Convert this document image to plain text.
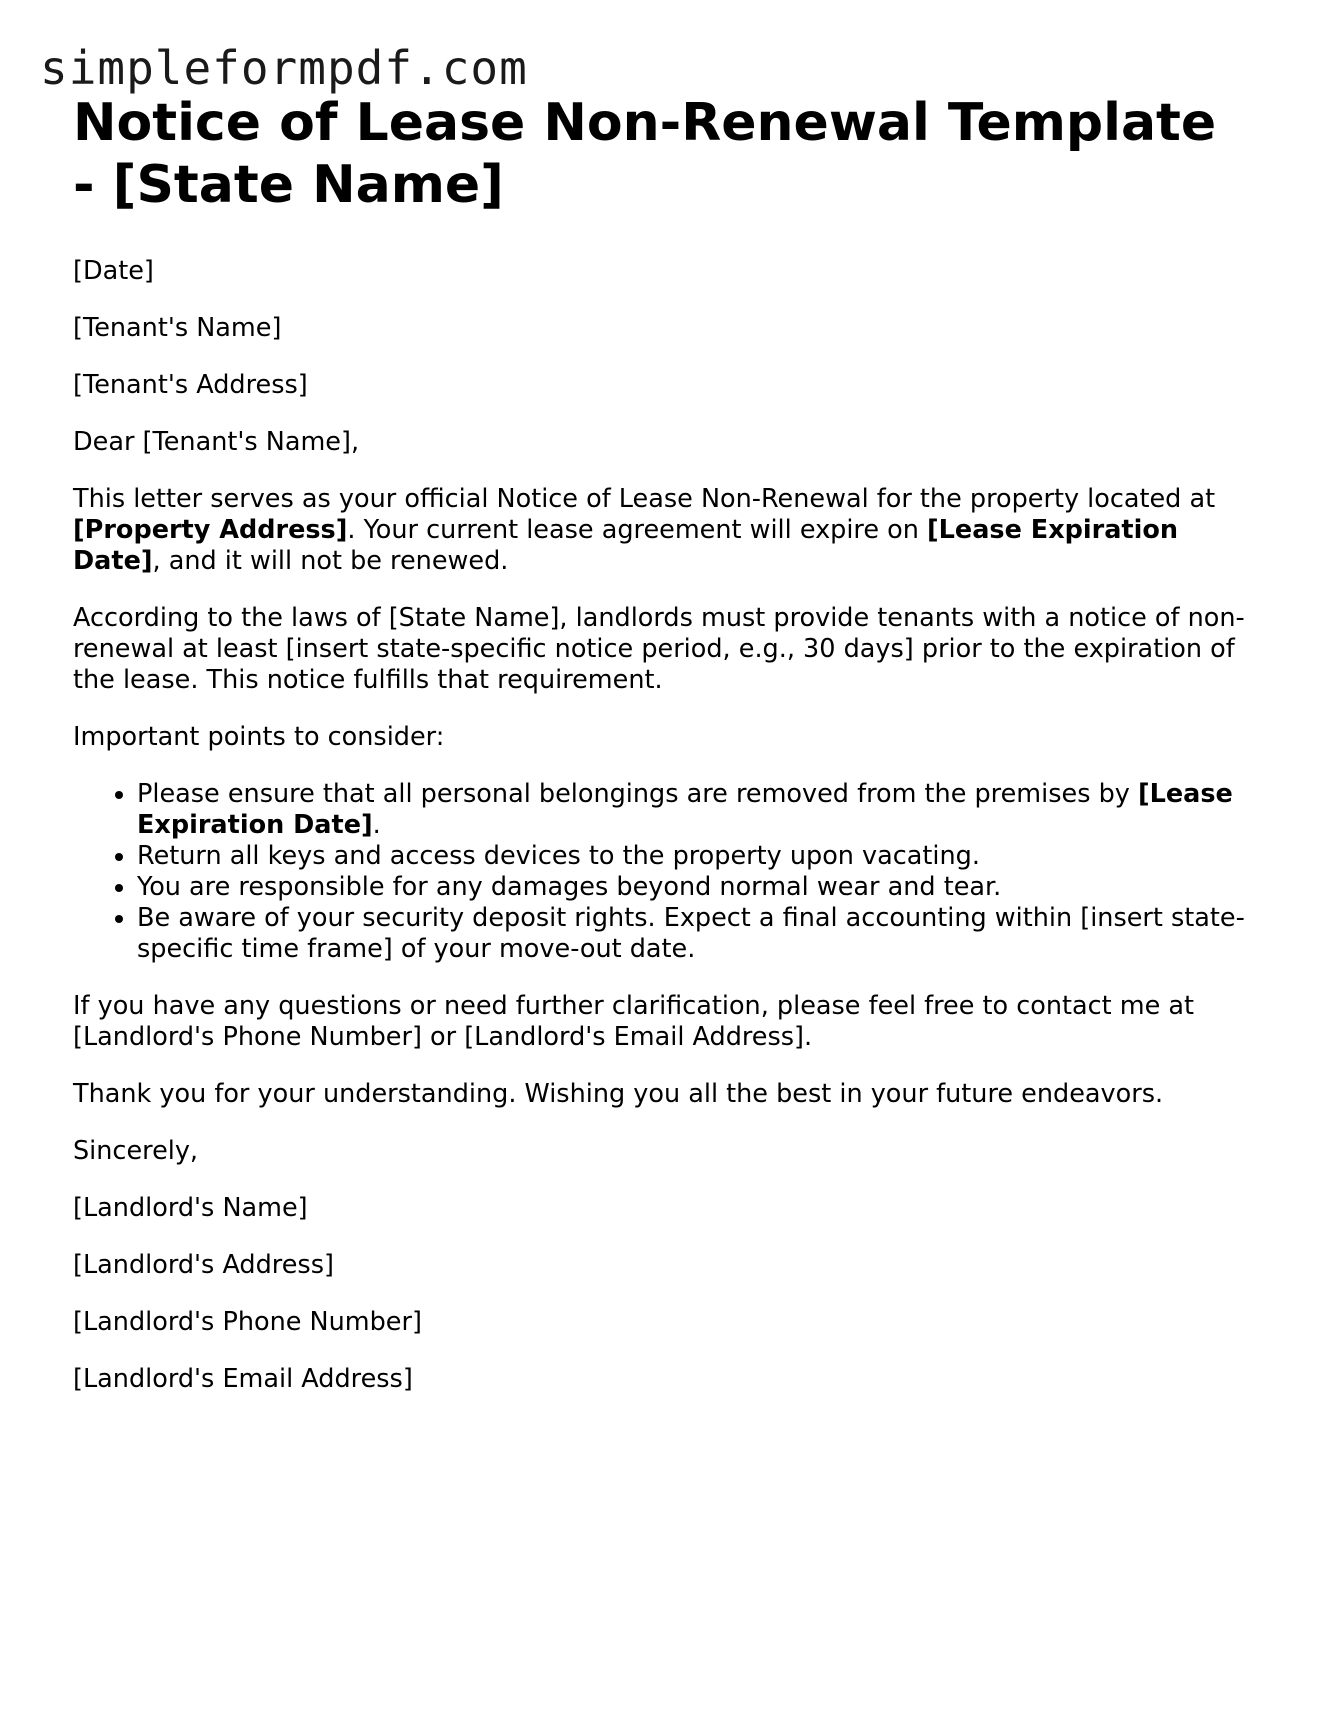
simpleformpdf.com
Notice of Lease Non-Renewal Template - [State Name]

[Date]

[Tenant's Name]

[Tenant's Address]

Dear [Tenant's Name],

This letter serves as your official Notice of Lease Non-Renewal for the property located at [Property Address]. Your current lease agreement will expire on [Lease Expiration Date], and it will not be renewed.

According to the laws of [State Name], landlords must provide tenants with a notice of non-renewal at least [insert state-specific notice period, e.g., 30 days] prior to the expiration of the lease. This notice fulfills that requirement.

Important points to consider:

• Please ensure that all personal belongings are removed from the premises by [Lease Expiration Date].
• Return all keys and access devices to the property upon vacating.
• You are responsible for any damages beyond normal wear and tear.
• Be aware of your security deposit rights. Expect a final accounting within [insert state-specific time frame] of your move-out date.

If you have any questions or need further clarification, please feel free to contact me at [Landlord's Phone Number] or [Landlord's Email Address].

Thank you for your understanding. Wishing you all the best in your future endeavors.

Sincerely,

[Landlord's Name]

[Landlord's Address]

[Landlord's Phone Number]

[Landlord's Email Address]
